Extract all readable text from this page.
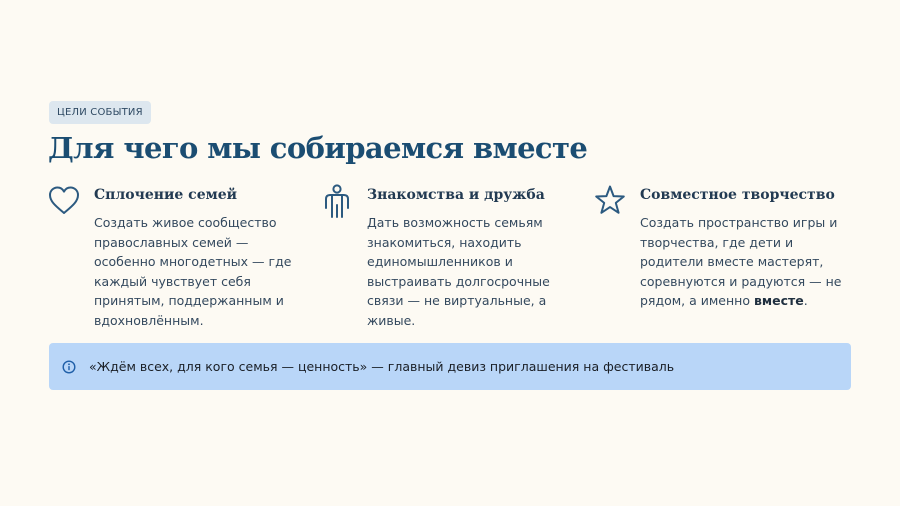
ЦЕЛИ СОБЫТИЯ
Для чего мы собираемся вместе
Сплочение семей

Создать живое сообщество православных семей — особенно многодетных — где каждый чувствует себя принятым, поддержанным и вдохновлённым.

Знакомства и дружба

Дать возможность семьям знакомиться, находить единомышленников и выстраивать долгосрочные связи — не виртуальные, а живые.

Совместное творчество

Создать пространство игры и творчества, где дети и родители вместе мастерят, соревнуются и радуются — не рядом, а именно вместе.

«Ждём всех, для кого семья — ценность» — главный девиз приглашения на фестиваль
